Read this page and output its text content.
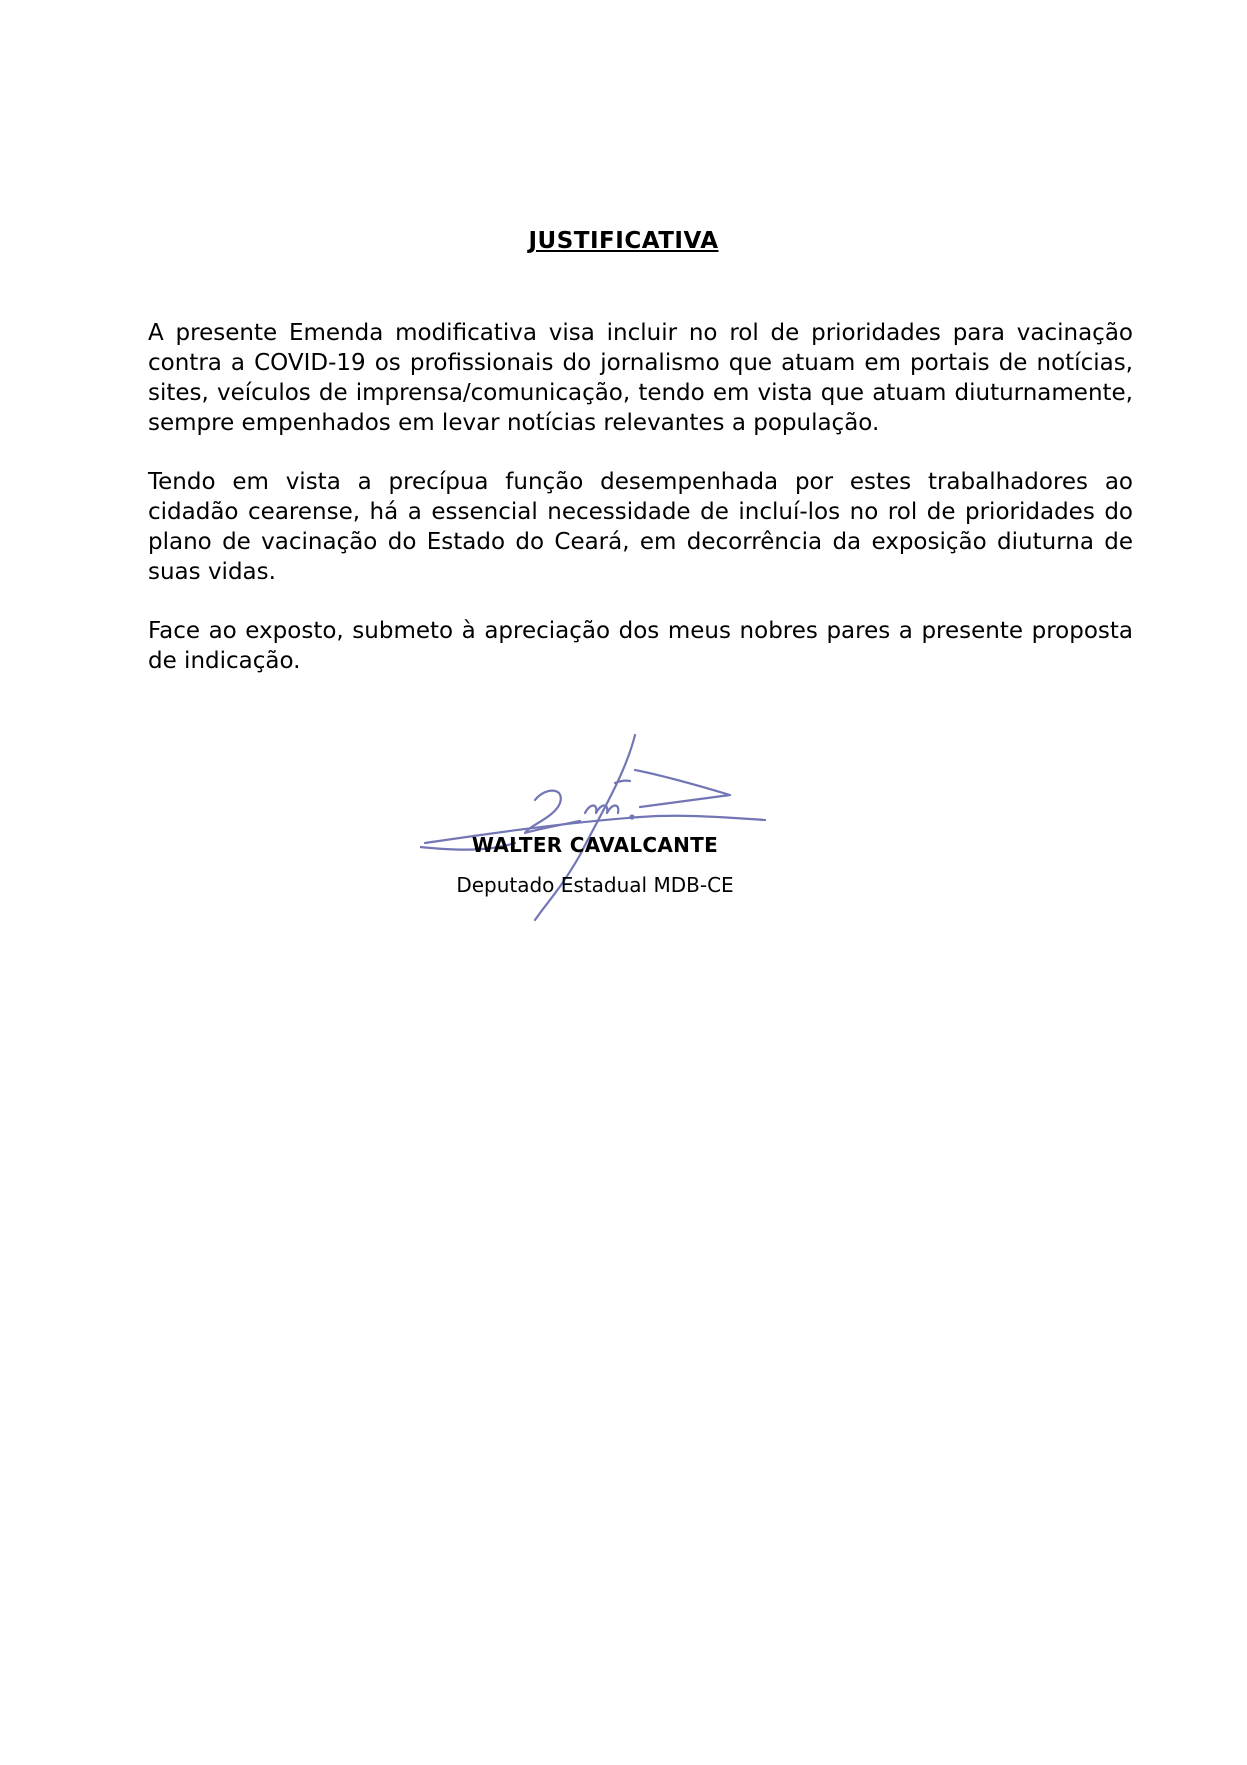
JUSTIFICATIVA

A presente Emenda modificativa visa incluir no rol de prioridades para vacinação contra a COVID-19 os profissionais do jornalismo que atuam em portais de notícias, sites, veículos de imprensa/comunicação, tendo em vista que atuam diuturnamente, sempre empenhados em levar notícias relevantes a população.

Tendo em vista a precípua função desempenhada por estes trabalhadores ao cidadão cearense, há a essencial necessidade de incluí-los no rol de prioridades do plano de vacinação do Estado do Ceará, em decorrência da exposição diuturna de suas vidas.

Face ao exposto, submeto à apreciação dos meus nobres pares a presente proposta de indicação.

WALTER CAVALCANTE
Deputado Estadual MDB-CE
